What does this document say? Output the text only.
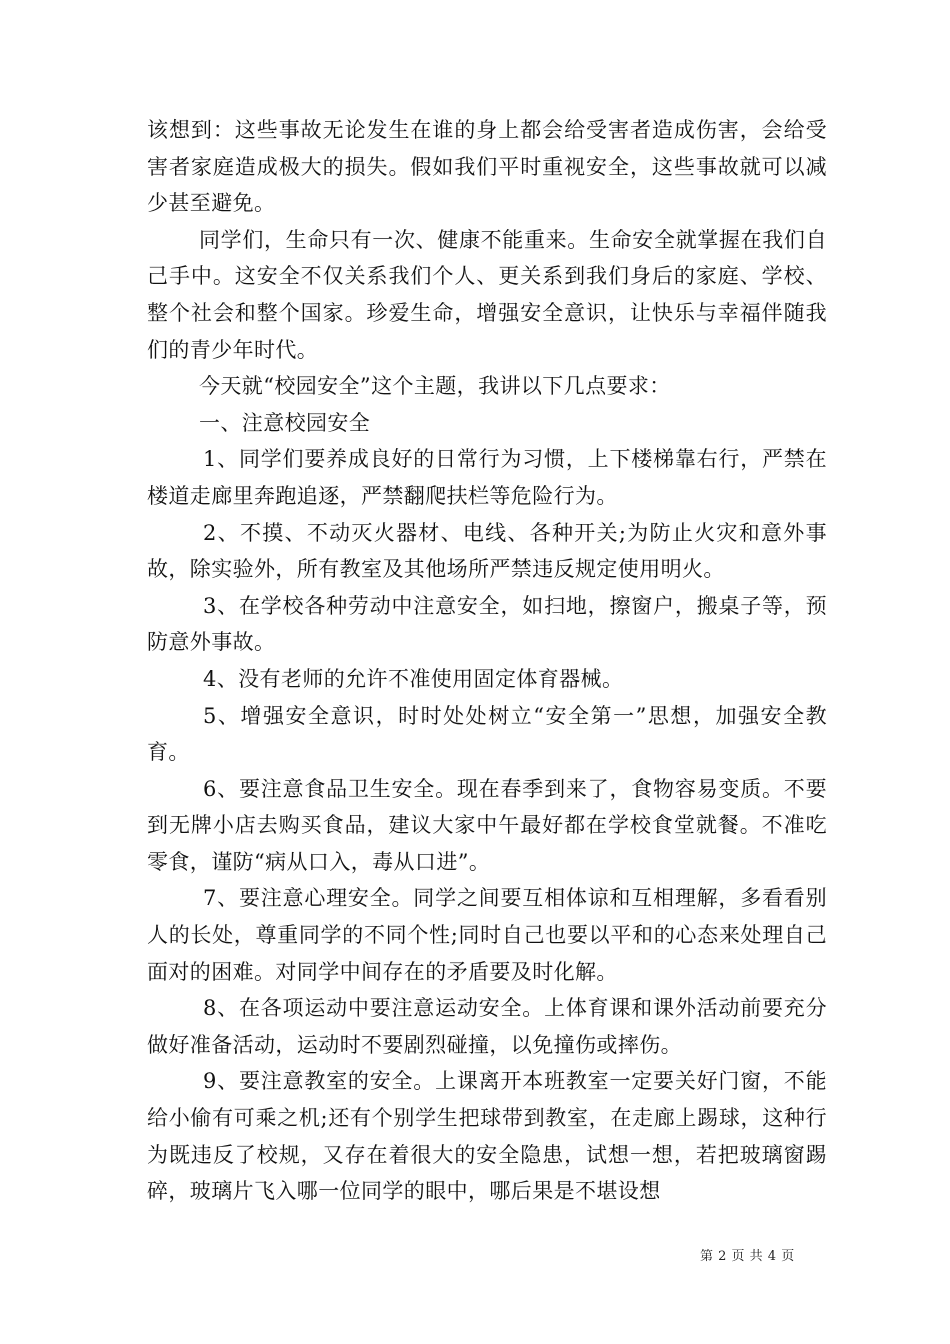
该想到：这些事故无论发生在谁的身上都会给受害者造成伤害，会给受害者家庭造成极大的损失。假如我们平时重视安全，这些事故就可以减少甚至避免。

同学们，生命只有一次、健康不能重来。生命安全就掌握在我们自己手中。这安全不仅关系我们个人、更关系到我们身后的家庭、学校、整个社会和整个国家。珍爱生命，增强安全意识，让快乐与幸福伴随我们的青少年时代。

今天就“校园安全”这个主题，我讲以下几点要求：

一、注意校园安全

1、同学们要养成良好的日常行为习惯，上下楼梯靠右行，严禁在楼道走廊里奔跑追逐，严禁翻爬扶栏等危险行为。

2、不摸、不动灭火器材、电线、各种开关;为防止火灾和意外事故，除实验外，所有教室及其他场所严禁违反规定使用明火。

3、在学校各种劳动中注意安全，如扫地，擦窗户，搬桌子等，预防意外事故。

4、没有老师的允许不准使用固定体育器械。

5、增强安全意识，时时处处树立“安全第一”思想，加强安全教育。

6、要注意食品卫生安全。现在春季到来了，食物容易变质。不要到无牌小店去购买食品，建议大家中午最好都在学校食堂就餐。不准吃零食，谨防“病从口入，毒从口进”。

7、要注意心理安全。同学之间要互相体谅和互相理解，多看看别人的长处，尊重同学的不同个性;同时自己也要以平和的心态来处理自己面对的困难。对同学中间存在的矛盾要及时化解。

8、在各项运动中要注意运动安全。上体育课和课外活动前要充分做好准备活动，运动时不要剧烈碰撞，以免撞伤或摔伤。

9、要注意教室的安全。上课离开本班教室一定要关好门窗，不能给小偷有可乘之机;还有个别学生把球带到教室，在走廊上踢球，这种行为既违反了校规，又存在着很大的安全隐患，试想一想，若把玻璃窗踢碎，玻璃片飞入哪一位同学的眼中，哪后果是不堪设想

第 2 页 共 4 页
